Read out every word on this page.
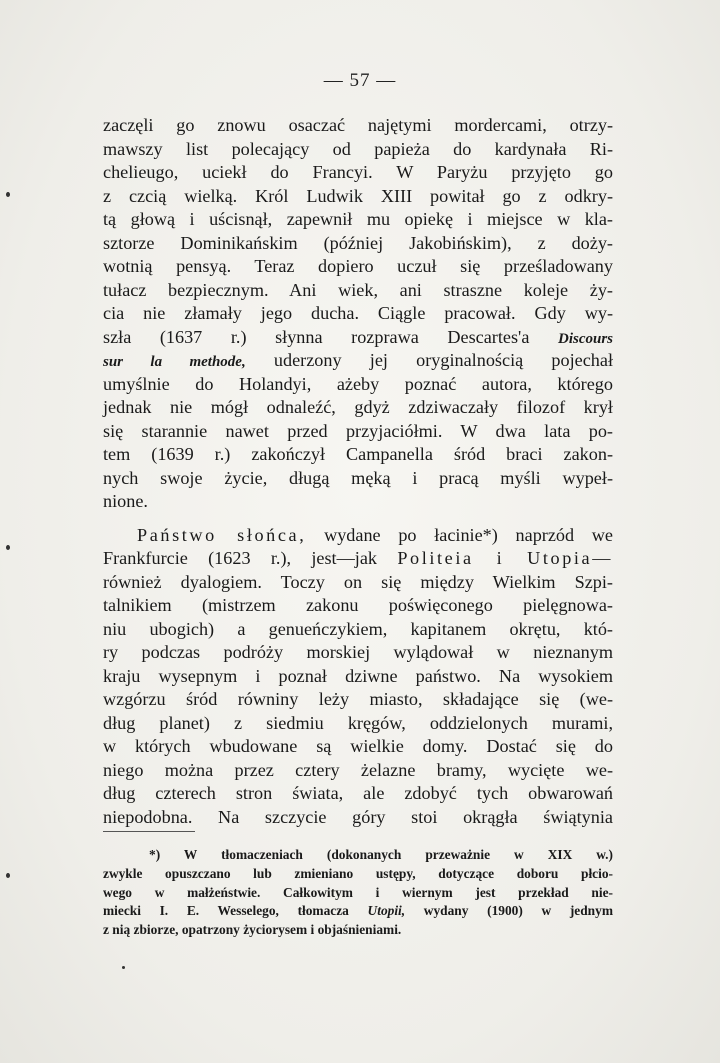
— 57 —
zaczęli go znowu osaczać najętymi mordercami, otrzy-
mawszy list polecający od papieża do kardynała Ri-
chelieugo, uciekł do Francyi. W Paryżu przyjęto go
z czcią wielką. Król Ludwik XIII powitał go z odkry-
tą głową i uścisnął, zapewnił mu opiekę i miejsce w kla-
sztorze Dominikańskim (później Jakobińskim), z doży-
wotnią pensyą. Teraz dopiero uczuł się prześladowany
tułacz bezpiecznym. Ani wiek, ani straszne koleje ży-
cia nie złamały jego ducha. Ciągle pracował. Gdy wy-
szła (1637 r.) słynna rozprawa Descartes'a Discours
sur la methode, uderzony jej oryginalnością pojechał
umyślnie do Holandyi, ażeby poznać autora, którego
jednak nie mógł odnaleźć, gdyż zdziwaczały filozof krył
się starannie nawet przed przyjaciółmi. W dwa lata po-
tem (1639 r.) zakończył Campanella śród braci zakon-
nych swoje życie, długą męką i pracą myśli wypeł-
nione.
Państwo słońca, wydane po łacinie*) naprzód we
Frankfurcie (1623 r.), jest—jak Politeia i Utopia—
również dyalogiem. Toczy on się między Wielkim Szpi-
talnikiem (mistrzem zakonu poświęconego pielęgnowa-
niu ubogich) a genueńczykiem, kapitanem okrętu, któ-
ry podczas podróży morskiej wylądował w nieznanym
kraju wysepnym i poznał dziwne państwo. Na wysokiem
wzgórzu śród równiny leży miasto, składające się (we-
dług planet) z siedmiu kręgów, oddzielonych murami,
w których wbudowane są wielkie domy. Dostać się do
niego można przez cztery żelazne bramy, wycięte we-
dług czterech stron świata, ale zdobyć tych obwarowań
niepodobna. Na szczycie góry stoi okrągła świątynia
*) W tłomaczeniach (dokonanych przeważnie w XIX w.)
zwykle opuszczano lub zmieniano ustępy, dotyczące doboru płcio-
wego w małżeństwie. Całkowitym i wiernym jest przekład nie-
miecki I. E. Wesselego, tłomacza Utopii, wydany (1900) w jednym
z nią zbiorze, opatrzony życiorysem i objaśnieniami.
